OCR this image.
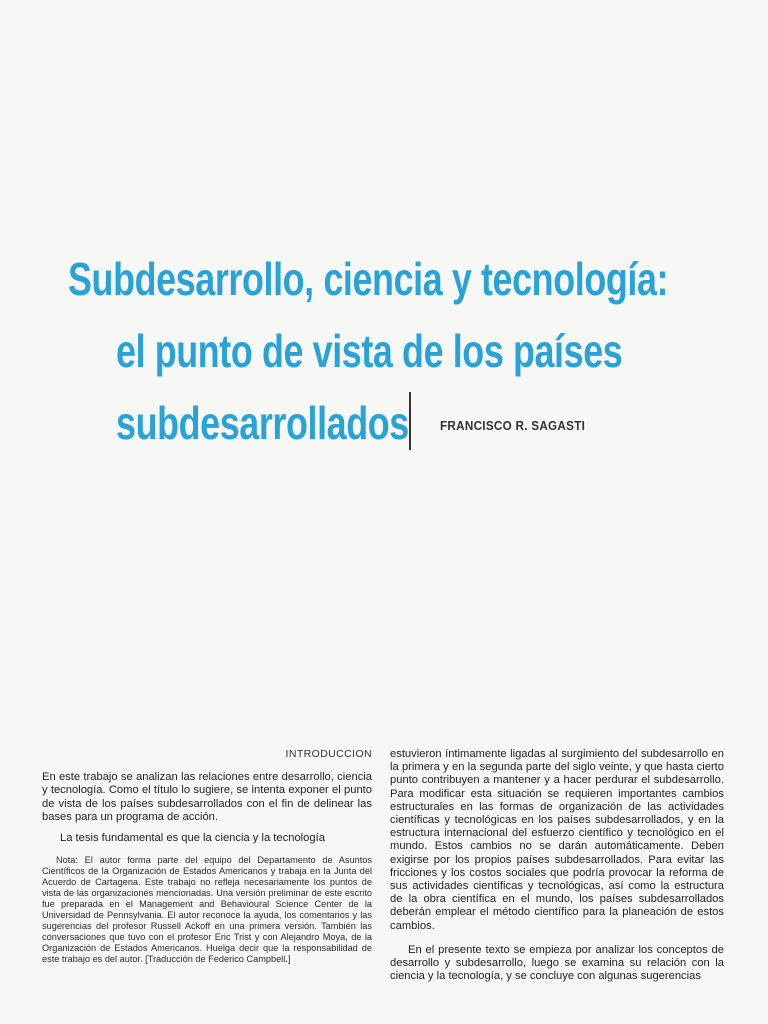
Subdesarrollo, ciencia y tecnología:
el punto de vista de los países
subdesarrollados FRANCISCO R. SAGASTI
INTRODUCCION

En este trabajo se analizan las relaciones entre desarrollo, ciencia y tecnología. Como el título lo sugiere, se intenta exponer el punto de vista de los países subdesarrollados con el fin de delinear las bases para un programa de acción.

La tesis fundamental es que la ciencia y la tecnología

Nota: El autor forma parte del equipo del Departamento de Asuntos Científicos de la Organización de Estados Americanos y trabaja en la Junta del Acuerdo de Cartagena. Este trabajo no refleja necesariamente los puntos de vista de las organizaciones mencionadas. Una versión preliminar de este escrito fue preparada en el Management and Behavioural Science Center de la Universidad de Pennsylvania. El autor reconoce la ayuda, los comentarios y las sugerencias del profesor Russell Ackoff en una primera versión. También las conversaciones que tuvo con el profesor Eric Trist y con Alejandro Moya, de la Organización de Estados Americanos. Huelga decir que la responsabilidad de este trabajo es del autor. [Traducción de Federico Campbell.]

estuvieron íntimamente ligadas al surgimiento del subdesarrollo en la primera y en la segunda parte del siglo veinte, y que hasta cierto punto contribuyen a mantener y a hacer perdurar el subdesarrollo. Para modificar esta situación se requieren importantes cambios estructurales en las formas de organización de las actividades científicas y tecnológicas en los países subdesarrollados, y en la estructura internacional del esfuerzo científico y tecnológico en el mundo. Estos cambios no se darán automáticamente. Deben exigirse por los propios países subdesarrollados. Para evitar las fricciones y los costos sociales que podría provocar la reforma de sus actividades científicas y tecnológicas, así como la estructura de la obra científica en el mundo, los países subdesarrollados deberán emplear el método científico para la planeación de estos cambios.

En el presente texto se empieza por analizar los conceptos de desarrollo y subdesarrollo, luego se examina su relación con la ciencia y la tecnología, y se concluye con algunas sugerencias
